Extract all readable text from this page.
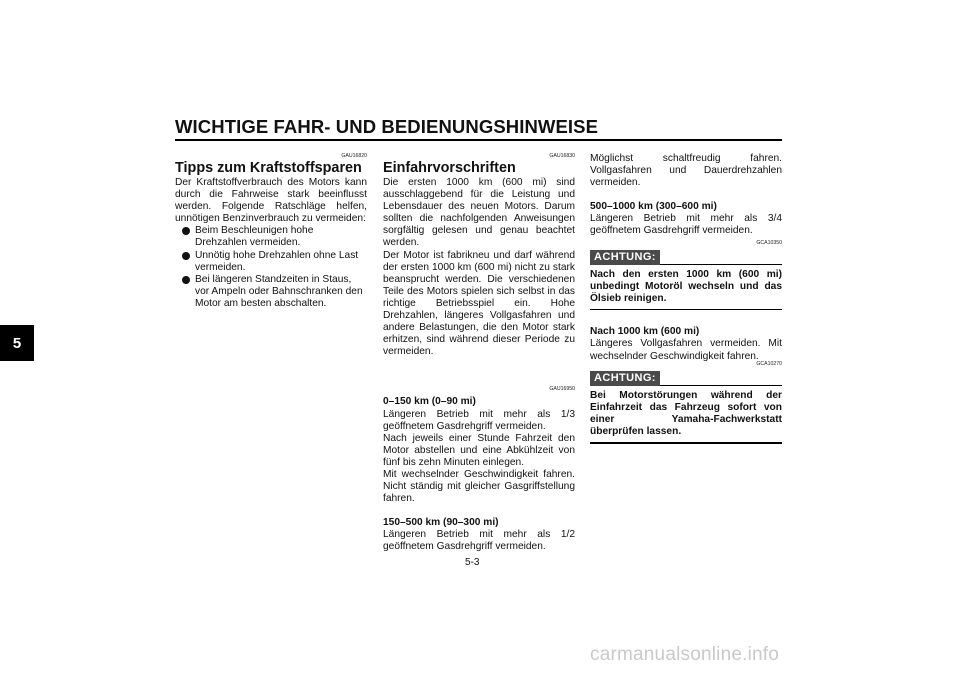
WICHTIGE FAHR- UND BEDIENUNGSHINWEISE
5
GAU16820
Tipps zum Kraftstoffsparen
Der Kraftstoffverbrauch des Motors kann durch die Fahrweise stark beeinflusst werden. Folgende Ratschläge helfen, unnötigen Benzinverbrauch zu vermeiden:
Beim Beschleunigen hohe Drehzahlen vermeiden.
Unnötig hohe Drehzahlen ohne Last vermeiden.
Bei längeren Standzeiten in Staus, vor Ampeln oder Bahnschranken den Motor am besten abschalten.
GAU16830
Einfahrvorschriften
Die ersten 1000 km (600 mi) sind ausschlaggebend für die Leistung und Lebensdauer des neuen Motors. Darum sollten die nachfolgenden Anweisungen sorgfältig gelesen und genau beachtet werden.
Der Motor ist fabrikneu und darf während der ersten 1000 km (600 mi) nicht zu stark beansprucht werden. Die verschiedenen Teile des Motors spielen sich selbst in das richtige Betriebsspiel ein. Hohe Drehzahlen, längeres Vollgasfahren und andere Belastungen, die den Motor stark erhitzen, sind während dieser Periode zu vermeiden.
GAU16950
0–150 km (0–90 mi)
Längeren Betrieb mit mehr als 1/3 geöffnetem Gasdrehgriff vermeiden.
Nach jeweils einer Stunde Fahrzeit den Motor abstellen und eine Abkühlzeit von fünf bis zehn Minuten einlegen.
Mit wechselnder Geschwindigkeit fahren. Nicht ständig mit gleicher Gasgriffstellung fahren.
150–500 km (90–300 mi)
Längeren Betrieb mit mehr als 1/2 geöffnetem Gasdrehgriff vermeiden.
Möglichst schaltfreudig fahren. Vollgasfahren und Dauerdrehzahlen vermeiden.
500–1000 km (300–600 mi)
Längeren Betrieb mit mehr als 3/4 geöffnetem Gasdrehgriff vermeiden.
GCA10350
ACHTUNG:
Nach den ersten 1000 km (600 mi) unbedingt Motoröl wechseln und das Ölsieb reinigen.
Nach 1000 km (600 mi)
Längeres Vollgasfahren vermeiden. Mit wechselnder Geschwindigkeit fahren.
GCA10270
ACHTUNG:
Bei Motorstörungen während der Einfahrzeit das Fahrzeug sofort von einer Yamaha-Fachwerkstatt überprüfen lassen.
5-3
carmanualsonline.info
